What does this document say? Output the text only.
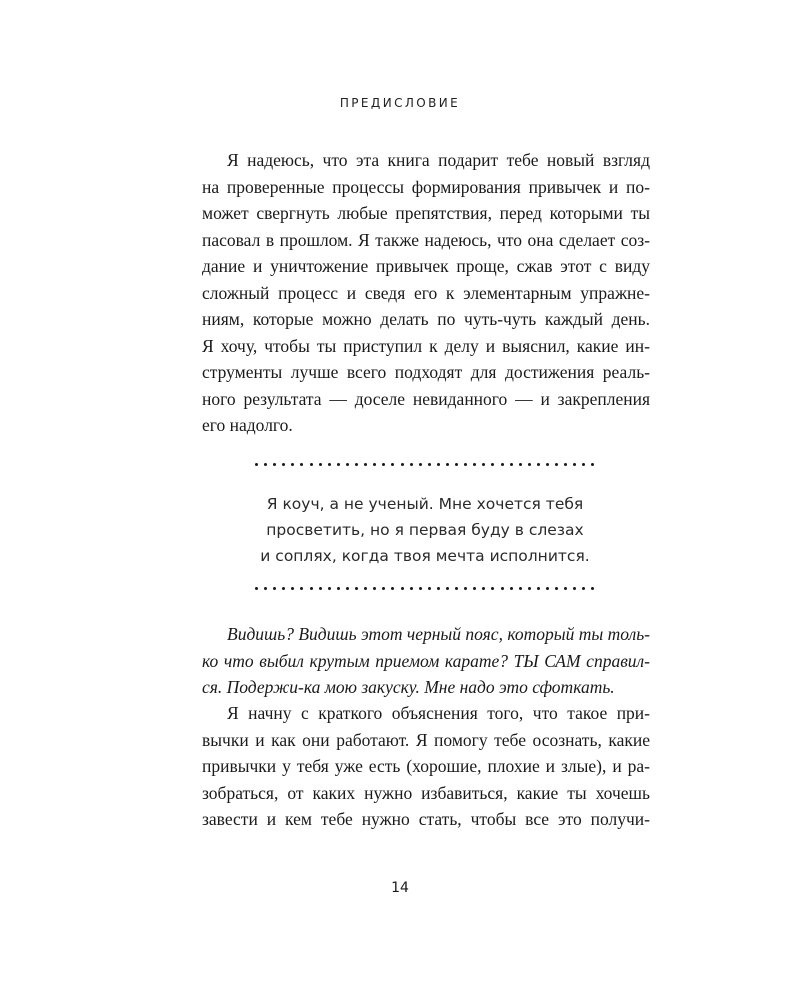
ПРЕДИСЛОВИЕ
Я надеюсь, что эта книга подарит тебе новый взгляд
на проверенные процессы формирования привычек и по-
может свергнуть любые препятствия, перед которыми ты
пасовал в прошлом. Я также надеюсь, что она сделает соз-
дание и уничтожение привычек проще, сжав этот с виду
сложный процесс и сведя его к элементарным упражне-
ниям, которые можно делать по чуть-чуть каждый день.
Я хочу, чтобы ты приступил к делу и выяснил, какие ин-
струменты лучше всего подходят для достижения реаль-
ного результата — доселе невиданного — и закрепления
его надолго.
Я коуч, а не ученый. Мне хочется тебя
просветить, но я первая буду в слезах
и соплях, когда твоя мечта исполнится.
Видишь? Видишь этот черный пояс, который ты толь-
ко что выбил крутым приемом карате? ТЫ САМ справил-
ся. Подержи-ка мою закуску. Мне надо это сфоткать.
Я начну с краткого объяснения того, что такое при-
вычки и как они работают. Я помогу тебе осознать, какие
привычки у тебя уже есть (хорошие, плохие и злые), и ра-
зобраться, от каких нужно избавиться, какие ты хочешь
завести и кем тебе нужно стать, чтобы все это получи-
14
